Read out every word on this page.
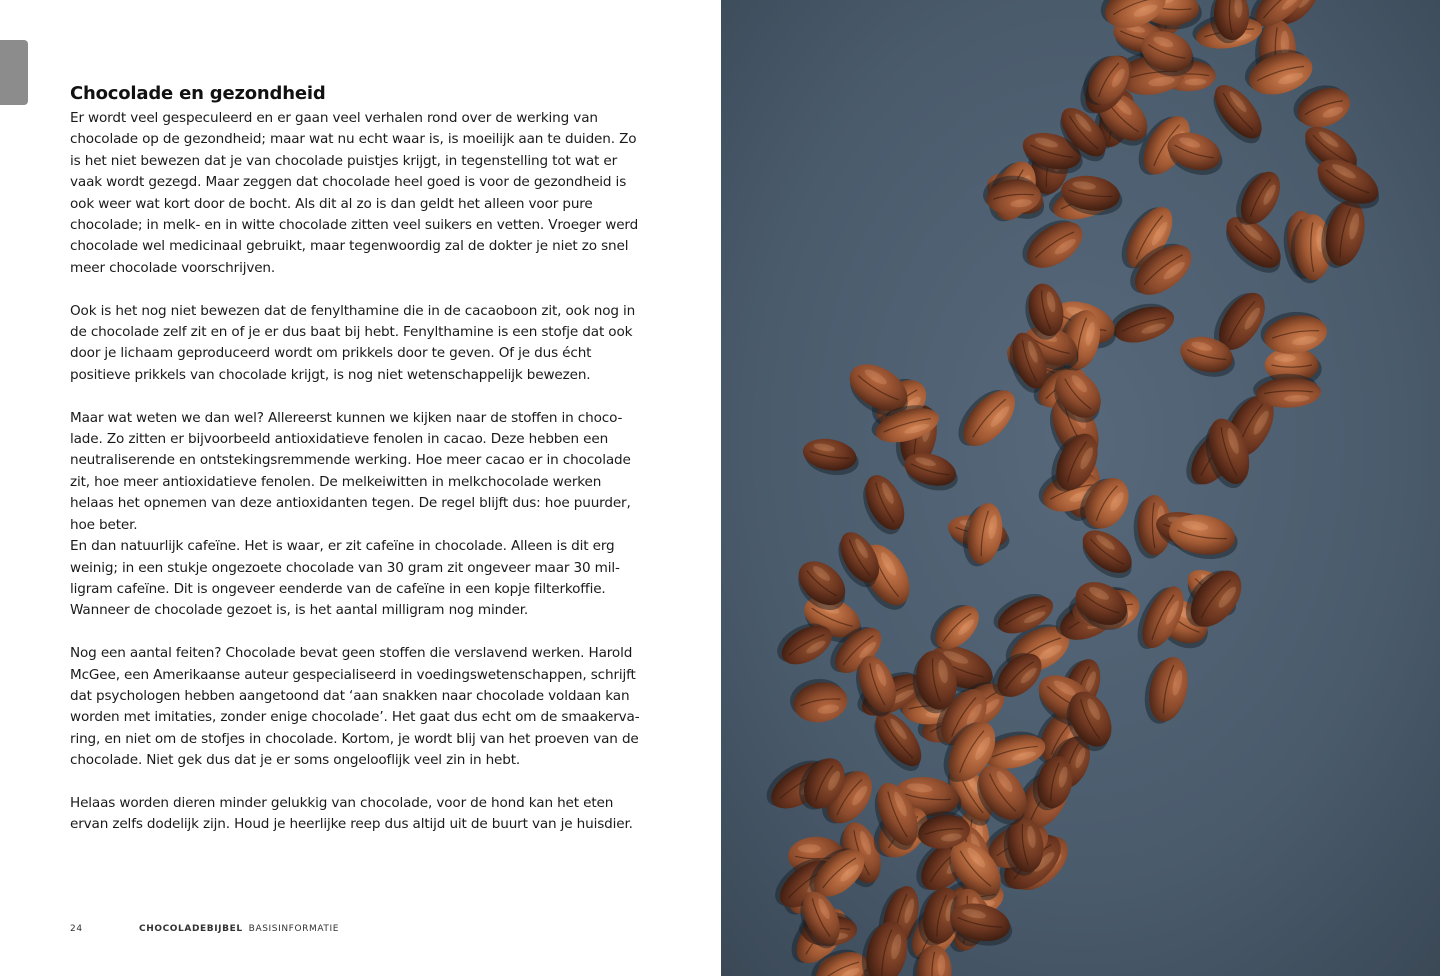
Chocolade en gezondheid

Er wordt veel gespeculeerd en er gaan veel verhalen rond over de werking van chocolade op de gezondheid; maar wat nu echt waar is, is moeilijk aan te duiden. Zo is het niet bewezen dat je van chocolade puistjes krijgt, in tegenstelling tot wat er vaak wordt gezegd. Maar zeggen dat chocolade heel goed is voor de gezondheid is ook weer wat kort door de bocht. Als dit al zo is dan geldt het alleen voor pure chocolade; in melk- en in witte chocolade zitten veel suikers en vetten. Vroeger werd chocolade wel medicinaal gebruikt, maar tegenwoordig zal de dokter je niet zo snel meer chocolade voorschrijven.

Ook is het nog niet bewezen dat de fenylthamine die in de cacaoboon zit, ook nog in de chocolade zelf zit en of je er dus baat bij hebt. Fenylthamine is een stofje dat ook door je lichaam geproduceerd wordt om prikkels door te geven. Of je dus écht positieve prikkels van chocolade krijgt, is nog niet wetenschappelijk bewezen.

Maar wat weten we dan wel? Allereerst kunnen we kijken naar de stoffen in choco-lade. Zo zitten er bijvoorbeeld antioxidatieve fenolen in cacao. Deze hebben een neutraliserende en ontstekingsremmende werking. Hoe meer cacao er in chocolade zit, hoe meer antioxidatieve fenolen. De melkeiwitten in melkchocolade werken helaas het opnemen van deze antioxidanten tegen. De regel blijft dus: hoe puurder, hoe beter.

En dan natuurlijk cafeïne. Het is waar, er zit cafeïne in chocolade. Alleen is dit erg weinig; in een stukje ongezoete chocolade van 30 gram zit ongeveer maar 30 mil-ligram cafeïne. Dit is ongeveer eenderde van de cafeïne in een kopje filterkoffie. Wanneer de chocolade gezoet is, is het aantal milligram nog minder.

Nog een aantal feiten? Chocolade bevat geen stoffen die verslavend werken. Harold McGee, een Amerikaanse auteur gespecialiseerd in voedingswetenschappen, schrijft dat psychologen hebben aangetoond dat ‘aan snakken naar chocolade voldaan kan worden met imitaties, zonder enige chocolade’. Het gaat dus echt om de smaakerva-ring, en niet om de stofjes in chocolade. Kortom, je wordt blij van het proeven van de chocolade. Niet gek dus dat je er soms ongelooflijk veel zin in hebt.

Helaas worden dieren minder gelukkig van chocolade, voor de hond kan het eten ervan zelfs dodelijk zijn. Houd je heerlijke reep dus altijd uit de buurt van je huisdier.

24	CHOCOLADEBIJBEL BASISINFORMATIE
